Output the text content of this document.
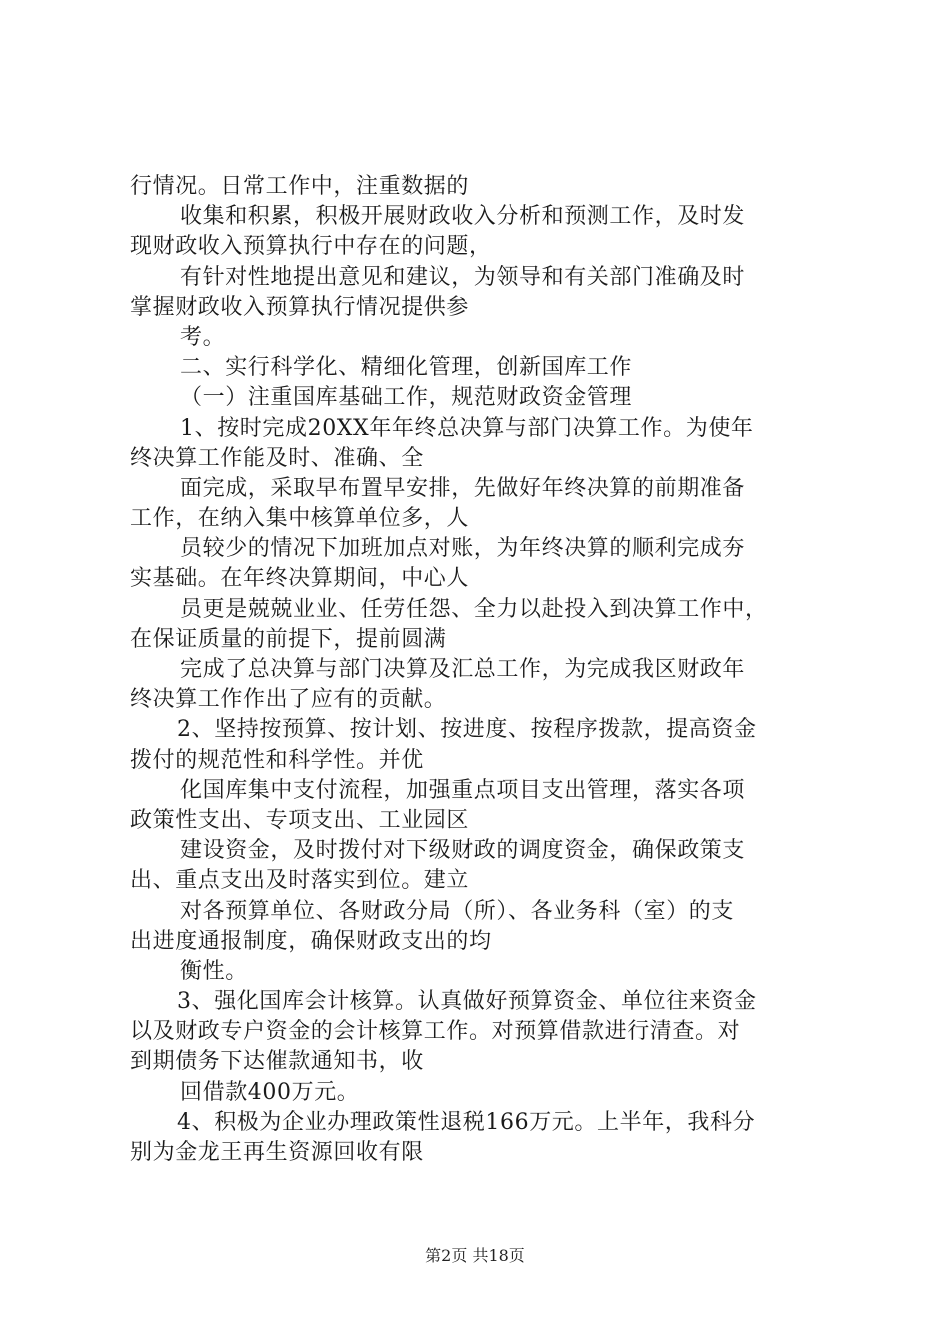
行情况。日常工作中，注重数据的
收集和积累，积极开展财政收入分析和预测工作，及时发
现财政收入预算执行中存在的问题，
有针对性地提出意见和建议，为领导和有关部门准确及时
掌握财政收入预算执行情况提供参
考。
二、实行科学化、精细化管理，创新国库工作
（一）注重国库基础工作，规范财政资金管理
1、按时完成20XX年年终总决算与部门决算工作。为使年
终决算工作能及时、准确、全
面完成，采取早布置早安排，先做好年终决算的前期准备
工作，在纳入集中核算单位多，人
员较少的情况下加班加点对账，为年终决算的顺利完成夯
实基础。在年终决算期间，中心人
员更是兢兢业业、任劳任怨、全力以赴投入到决算工作中，
在保证质量的前提下，提前圆满
完成了总决算与部门决算及汇总工作，为完成我区财政年
终决算工作作出了应有的贡献。
2、坚持按预算、按计划、按进度、按程序拨款，提高资金
拨付的规范性和科学性。并优
化国库集中支付流程，加强重点项目支出管理，落实各项
政策性支出、专项支出、工业园区
建设资金，及时拨付对下级财政的调度资金，确保政策支
出、重点支出及时落实到位。建立
对各预算单位、各财政分局（所）、各业务科（室）的支
出进度通报制度，确保财政支出的均
衡性。
3、强化国库会计核算。认真做好预算资金、单位往来资金
以及财政专户资金的会计核算工作。对预算借款进行清查。对
到期债务下达催款通知书，收
回借款400万元。
4、积极为企业办理政策性退税166万元。上半年，我科分
别为金龙王再生资源回收有限
第2页 共18页
